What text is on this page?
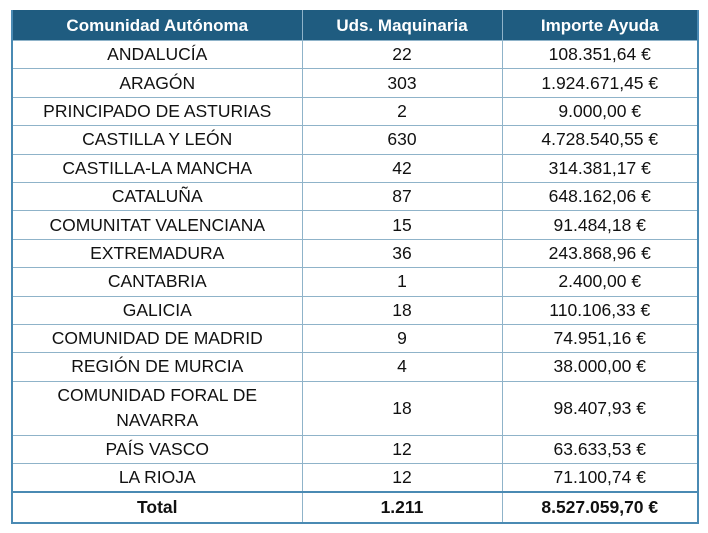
Comunidad Autónoma	Uds. Maquinaria	Importe Ayuda
ANDALUCÍA	22	108.351,64 €
ARAGÓN	303	1.924.671,45 €
PRINCIPADO DE ASTURIAS	2	9.000,00 €
CASTILLA Y LEÓN	630	4.728.540,55 €
CASTILLA-LA MANCHA	42	314.381,17 €
CATALUÑA	87	648.162,06 €
COMUNITAT VALENCIANA	15	91.484,18 €
EXTREMADURA	36	243.868,96 €
CANTABRIA	1	2.400,00 €
GALICIA	18	110.106,33 €
COMUNIDAD DE MADRID	9	74.951,16 €
REGIÓN DE MURCIA	4	38.000,00 €
COMUNIDAD FORAL DE NAVARRA	18	98.407,93 €
PAÍS VASCO	12	63.633,53 €
LA RIOJA	12	71.100,74 €
Total	1.211	8.527.059,70 €
